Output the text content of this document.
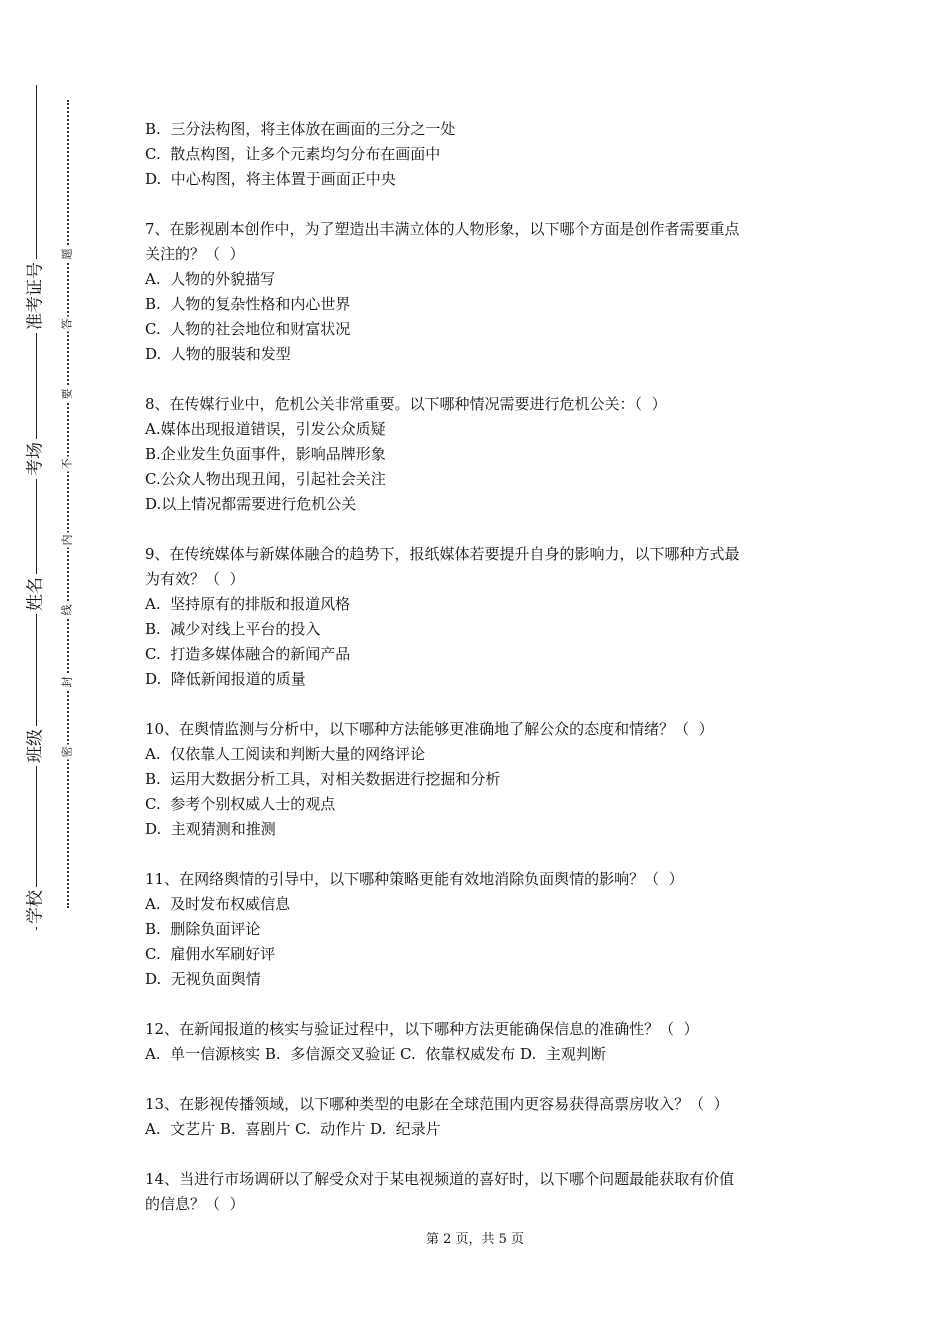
准考证号
考场
姓名
班级
学校
题
答
要
不
内
线
封
密
B.  三分法构图，将主体放在画面的三分之一处
C.  散点构图，让多个元素均匀分布在画面中
D.  中心构图，将主体置于画面正中央
7、在影视剧本创作中，为了塑造出丰满立体的人物形象，以下哪个方面是创作者需要重点
关注的？（  ）
A.  人物的外貌描写
B.  人物的复杂性格和内心世界
C.  人物的社会地位和财富状况
D.  人物的服装和发型
8、在传媒行业中，危机公关非常重要。以下哪种情况需要进行危机公关：（  ）
A.媒体出现报道错误，引发公众质疑
B.企业发生负面事件，影响品牌形象
C.公众人物出现丑闻，引起社会关注
D.以上情况都需要进行危机公关
9、在传统媒体与新媒体融合的趋势下，报纸媒体若要提升自身的影响力，以下哪种方式最
为有效？（  ）
A.  坚持原有的排版和报道风格
B.  减少对线上平台的投入
C.  打造多媒体融合的新闻产品
D.  降低新闻报道的质量
10、在舆情监测与分析中，以下哪种方法能够更准确地了解公众的态度和情绪？（  ）
A.  仅依靠人工阅读和判断大量的网络评论
B.  运用大数据分析工具，对相关数据进行挖掘和分析
C.  参考个别权威人士的观点
D.  主观猜测和推测
11、在网络舆情的引导中，以下哪种策略更能有效地消除负面舆情的影响？（  ）
A.  及时发布权威信息
B.  删除负面评论
C.  雇佣水军刷好评
D.  无视负面舆情
12、在新闻报道的核实与验证过程中，以下哪种方法更能确保信息的准确性？（  ）
A.  单一信源核实 B.  多信源交叉验证 C.  依靠权威发布 D.  主观判断
13、在影视传播领域，以下哪种类型的电影在全球范围内更容易获得高票房收入？（  ）
A.  文艺片 B.  喜剧片 C.  动作片 D.  纪录片
14、当进行市场调研以了解受众对于某电视频道的喜好时，以下哪个问题最能获取有价值
的信息？（  ）
第 2 页，共 5 页
